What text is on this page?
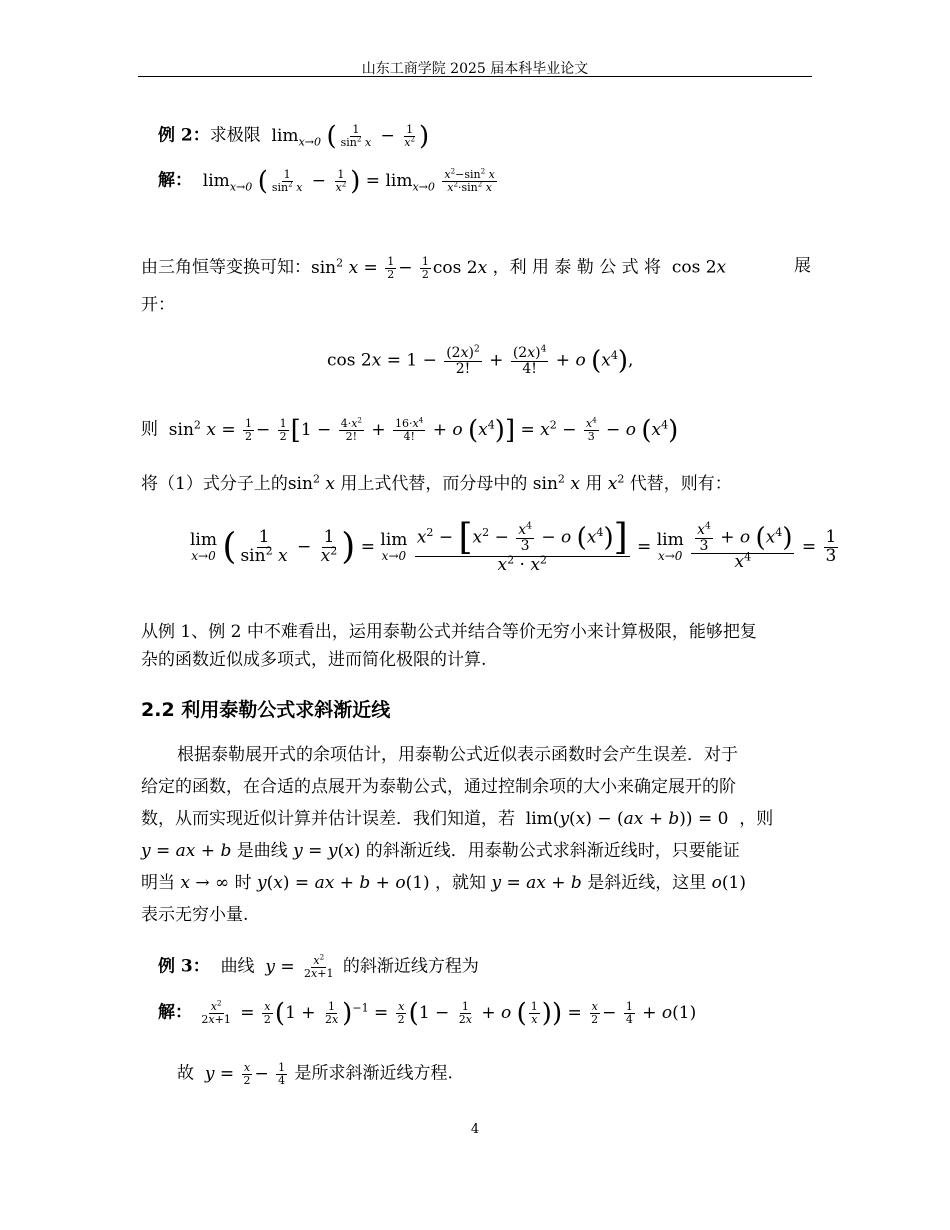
山东工商学院 2025 届本科毕业论文
例 2：求极限  $\lim_{x\to 0}$ ( $\frac{1}{\sin^2 x} - \frac{1}{x^2}$ )
解：  $\lim_{x\to 0}$ ( $\frac{1}{\sin^2 x} - \frac{1}{x^2}$ ) = $\lim_{x\to 0} \frac{x^2-\sin^2 x}{x^2\cdot\sin^2 x}$
由三角恒等变换可知：$\sin^2 x = \frac{1}{2} - \frac{1}{2}$ cos 2x ，利 用 泰 勒 公 式 将  cos 2x	展
开：
$\cos 2x = 1 - \frac{(2x)^2}{2!} + \frac{(2x)^4}{4!} + o$ $(x^4)$,
则  $\sin^2 x = \frac{1}{2} - \frac{1}{2} [1 - \frac{4\cdot x^2}{2!} + \frac{16\cdot x^4}{4!} + o$ $(x^4)] = x^2 - \frac{x^4}{3} - o$ $(x^4)$
将（1）式分子上的$\sin^2 x$ 用上式代替，而分母中的 $\sin^2 x$ 用 $x^2$ 代替，则有：
lim
x→0 ( $\frac{1}{\sin^2 x} - \frac{1}{x^2}$ ) = lim
x→0
$\frac{x^2 - [x^2 - \frac{x^4}{3} - o (x^4)]}{x^2 \cdot x^2} = \lim$
x→0
$\frac{\frac{x^4}{3} + o (x^4)}{x^4} = \frac{1}{3}$
从例 1、例 2 中不难看出，运用泰勒公式并结合等价无穷小来计算极限，能够把复
杂的函数近似成多项式，进而简化极限的计算.
2.2 利用泰勒公式求斜渐近线
根据泰勒展开式的余项估计，用泰勒公式近似表示函数时会产生误差．对于
给定的函数，在合适的点展开为泰勒公式，通过控制余项的大小来确定展开的阶
数，从而实现近似计算并估计误差．我们知道，若  lim(y(x) − (ax + b)) = 0  ，则
y = ax + b 是曲线 y = y(x) 的斜渐近线．用泰勒公式求斜渐近线时，只要能证
明当 x → ∞ 时 y(x) = ax + b + o(1) ，就知 y = ax + b 是斜近线，这里 o(1)
表示无穷小量.
例 3： 曲线 $y = \frac{x^2}{2x+1}$ 的斜渐近线方程为
解： $\frac{x^2}{2x+1} = \frac{x}{2} (1 + \frac{1}{2x} )^{-1} = \frac{x}{2} (1 - \frac{1}{2x} + o$ ( $\frac{1}{x}$ )) = $\frac{x}{2} - \frac{1}{4} + o(1)$
故 $y = \frac{x}{2} - \frac{1}{4}$ 是所求斜渐近线方程.
4
